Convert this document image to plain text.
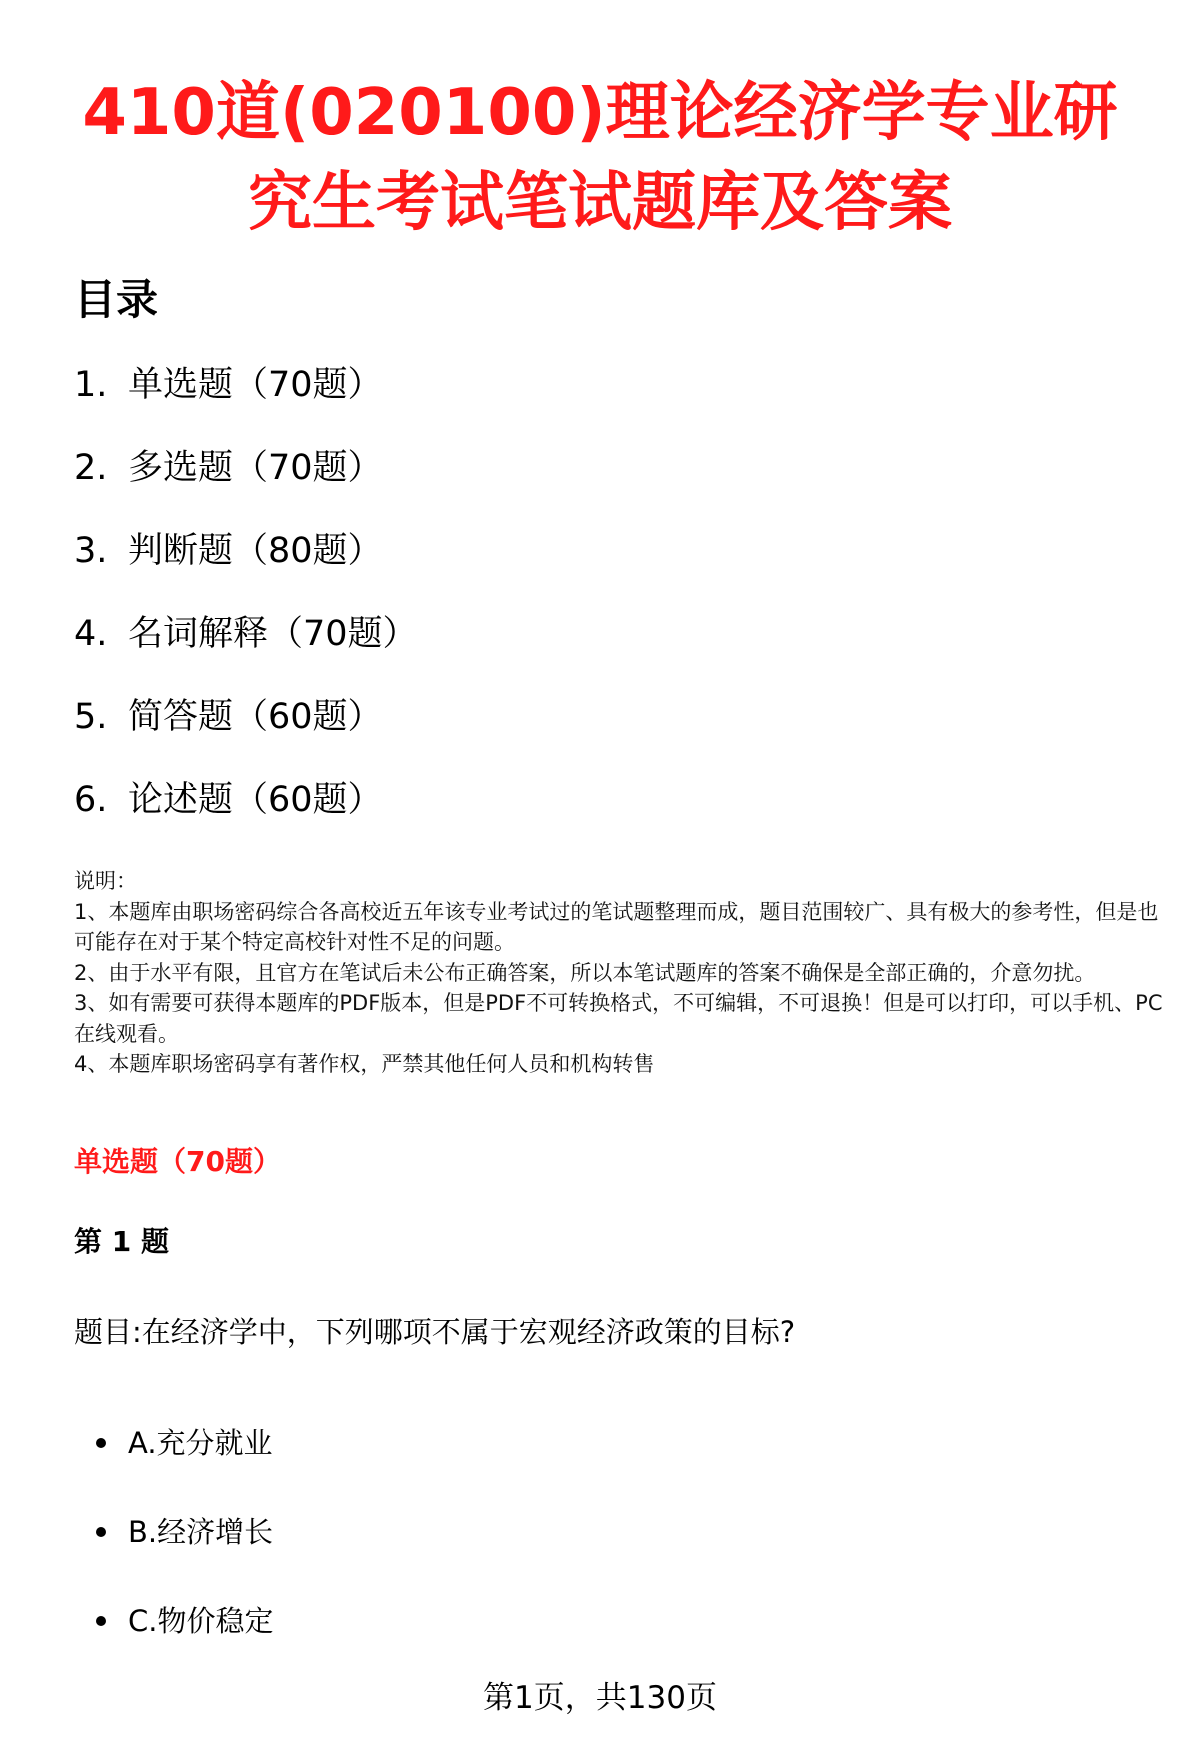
410道(020100)理论经济学专业研究生考试笔试题库及答案
目录
1. 单选题（70题）
2. 多选题（70题）
3. 判断题（80题）
4. 名词解释（70题）
5. 简答题（60题）
6. 论述题（60题）

说明：

1、本题库由职场密码综合各高校近五年该专业考试过的笔试题整理而成，题目范围较广、具有极大的参考性，但是也可能存在对于某个特定高校针对性不足的问题。

2、由于水平有限，且官方在笔试后未公布正确答案，所以本笔试题库的答案不确保是全部正确的，介意勿扰。

3、如有需要可获得本题库的PDF版本，但是PDF不可转换格式，不可编辑，不可退换！但是可以打印，可以手机、PC在线观看。

4、本题库职场密码享有著作权，严禁其他任何人员和机构转售

单选题（70题）
第 1 题

题目:在经济学中，下列哪项不属于宏观经济政策的目标?

A.充分就业
B.经济增长
C.物价稳定
第1页，共130页
